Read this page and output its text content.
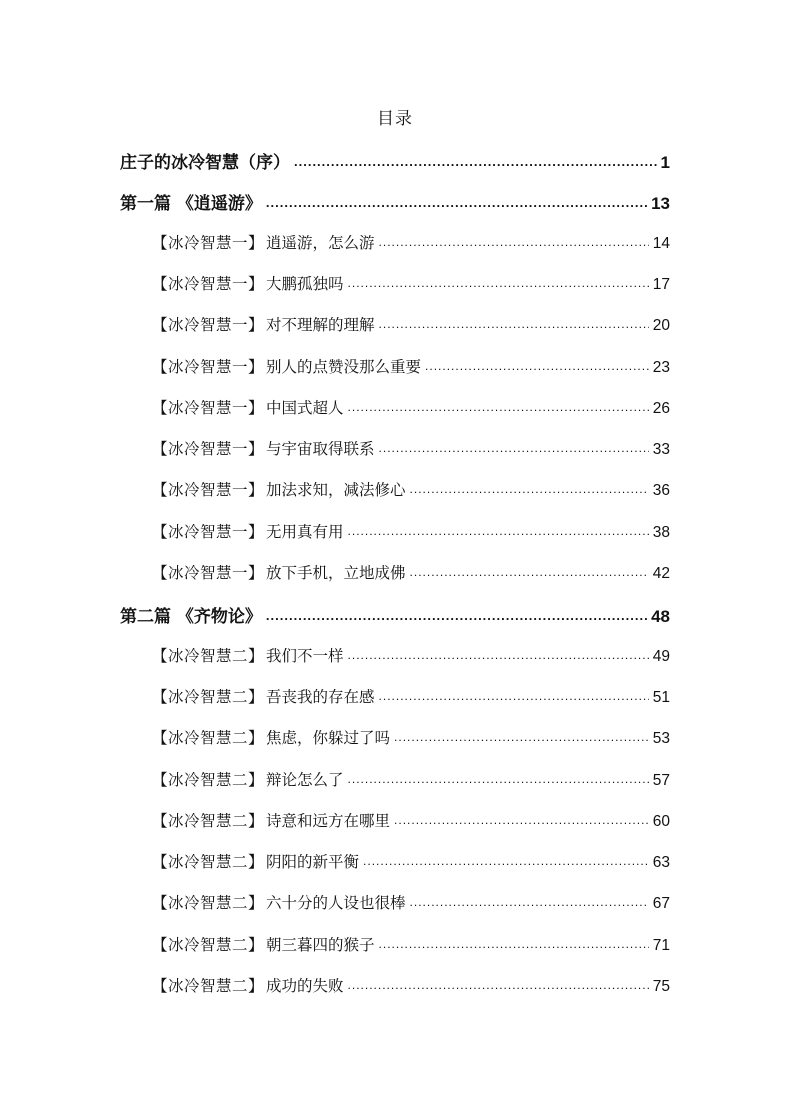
目录
庄子的冰冷智慧（序） .....	1
第一篇 《逍遥游》 .....	13
【冰冷智慧一】 逍遥游，怎么游 .....	14
【冰冷智慧一】 大鹏孤独吗 .....	17
【冰冷智慧一】 对不理解的理解 .....	20
【冰冷智慧一】 别人的点赞没那么重要 .....	23
【冰冷智慧一】 中国式超人 .....	26
【冰冷智慧一】 与宇宙取得联系 .....	33
【冰冷智慧一】 加法求知，减法修心 .....	36
【冰冷智慧一】 无用真有用 .....	38
【冰冷智慧一】 放下手机，立地成佛 .....	42
第二篇 《齐物论》 .....	48
【冰冷智慧二】 我们不一样 .....	49
【冰冷智慧二】 吾丧我的存在感 .....	51
【冰冷智慧二】 焦虑，你躲过了吗 .....	53
【冰冷智慧二】 辩论怎么了 .....	57
【冰冷智慧二】 诗意和远方在哪里 .....	60
【冰冷智慧二】 阴阳的新平衡 .....	63
【冰冷智慧二】 六十分的人设也很棒 .....	67
【冰冷智慧二】 朝三暮四的猴子 .....	71
【冰冷智慧二】 成功的失败 .....	75
